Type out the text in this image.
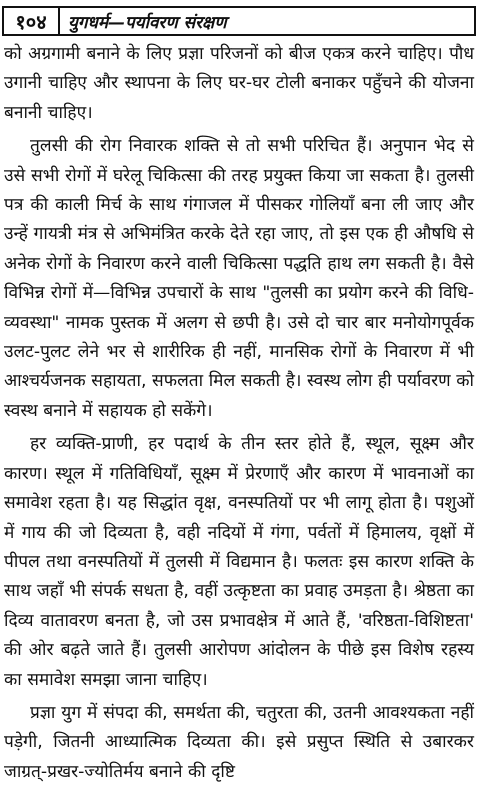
१०४	युगधर्म—पर्यावरण संरक्षण

को अग्रगामी बनाने के लिए प्रज्ञा परिजनों को बीज एकत्र करने चाहिए। पौध उगानी चाहिए और स्थापना के लिए घर-घर टोली बनाकर पहुँचने की योजना बनानी चाहिए।

तुलसी की रोग निवारक शक्ति से तो सभी परिचित हैं। अनुपान भेद से उसे सभी रोगों में घरेलू चिकित्सा की तरह प्रयुक्त किया जा सकता है। तुलसी पत्र की काली मिर्च के साथ गंगाजल में पीसकर गोलियाँ बना ली जाए और उन्हें गायत्री मंत्र से अभिमंत्रित करके देते रहा जाए, तो इस एक ही औषधि से अनेक रोगों के निवारण करने वाली चिकित्सा पद्धति हाथ लग सकती है। वैसे विभिन्न रोगों में—विभिन्न उपचारों के साथ "तुलसी का प्रयोग करने की विधि-व्यवस्था" नामक पुस्तक में अलग से छपी है। उसे दो चार बार मनोयोगपूर्वक उलट-पुलट लेने भर से शारीरिक ही नहीं, मानसिक रोगों के निवारण में भी आश्चर्यजनक सहायता, सफलता मिल सकती है। स्वस्थ लोग ही पर्यावरण को स्वस्थ बनाने में सहायक हो सकेंगे।

हर व्यक्ति-प्राणी, हर पदार्थ के तीन स्तर होते हैं, स्थूल, सूक्ष्म और कारण। स्थूल में गतिविधियाँ, सूक्ष्म में प्रेरणाएँ और कारण में भावनाओं का समावेश रहता है। यह सिद्धांत वृक्ष, वनस्पतियों पर भी लागू होता है। पशुओं में गाय की जो दिव्यता है, वही नदियों में गंगा, पर्वतों में हिमालय, वृक्षों में पीपल तथा वनस्पतियों में तुलसी में विद्यमान है। फलतः इस कारण शक्ति के साथ जहाँ भी संपर्क सधता है, वहीं उत्कृष्टता का प्रवाह उमड़ता है। श्रेष्ठता का दिव्य वातावरण बनता है, जो उस प्रभावक्षेत्र में आते हैं, 'वरिष्ठता-विशिष्टता' की ओर बढ़ते जाते हैं। तुलसी आरोपण आंदोलन के पीछे इस विशेष रहस्य का समावेश समझा जाना चाहिए।

प्रज्ञा युग में संपदा की, समर्थता की, चतुरता की, उतनी आवश्यकता नहीं पड़ेगी, जितनी आध्यात्मिक दिव्यता की। इसे प्रसुप्त स्थिति से उबारकर जाग्रत्-प्रखर-ज्योतिर्मय बनाने की दृष्टि
